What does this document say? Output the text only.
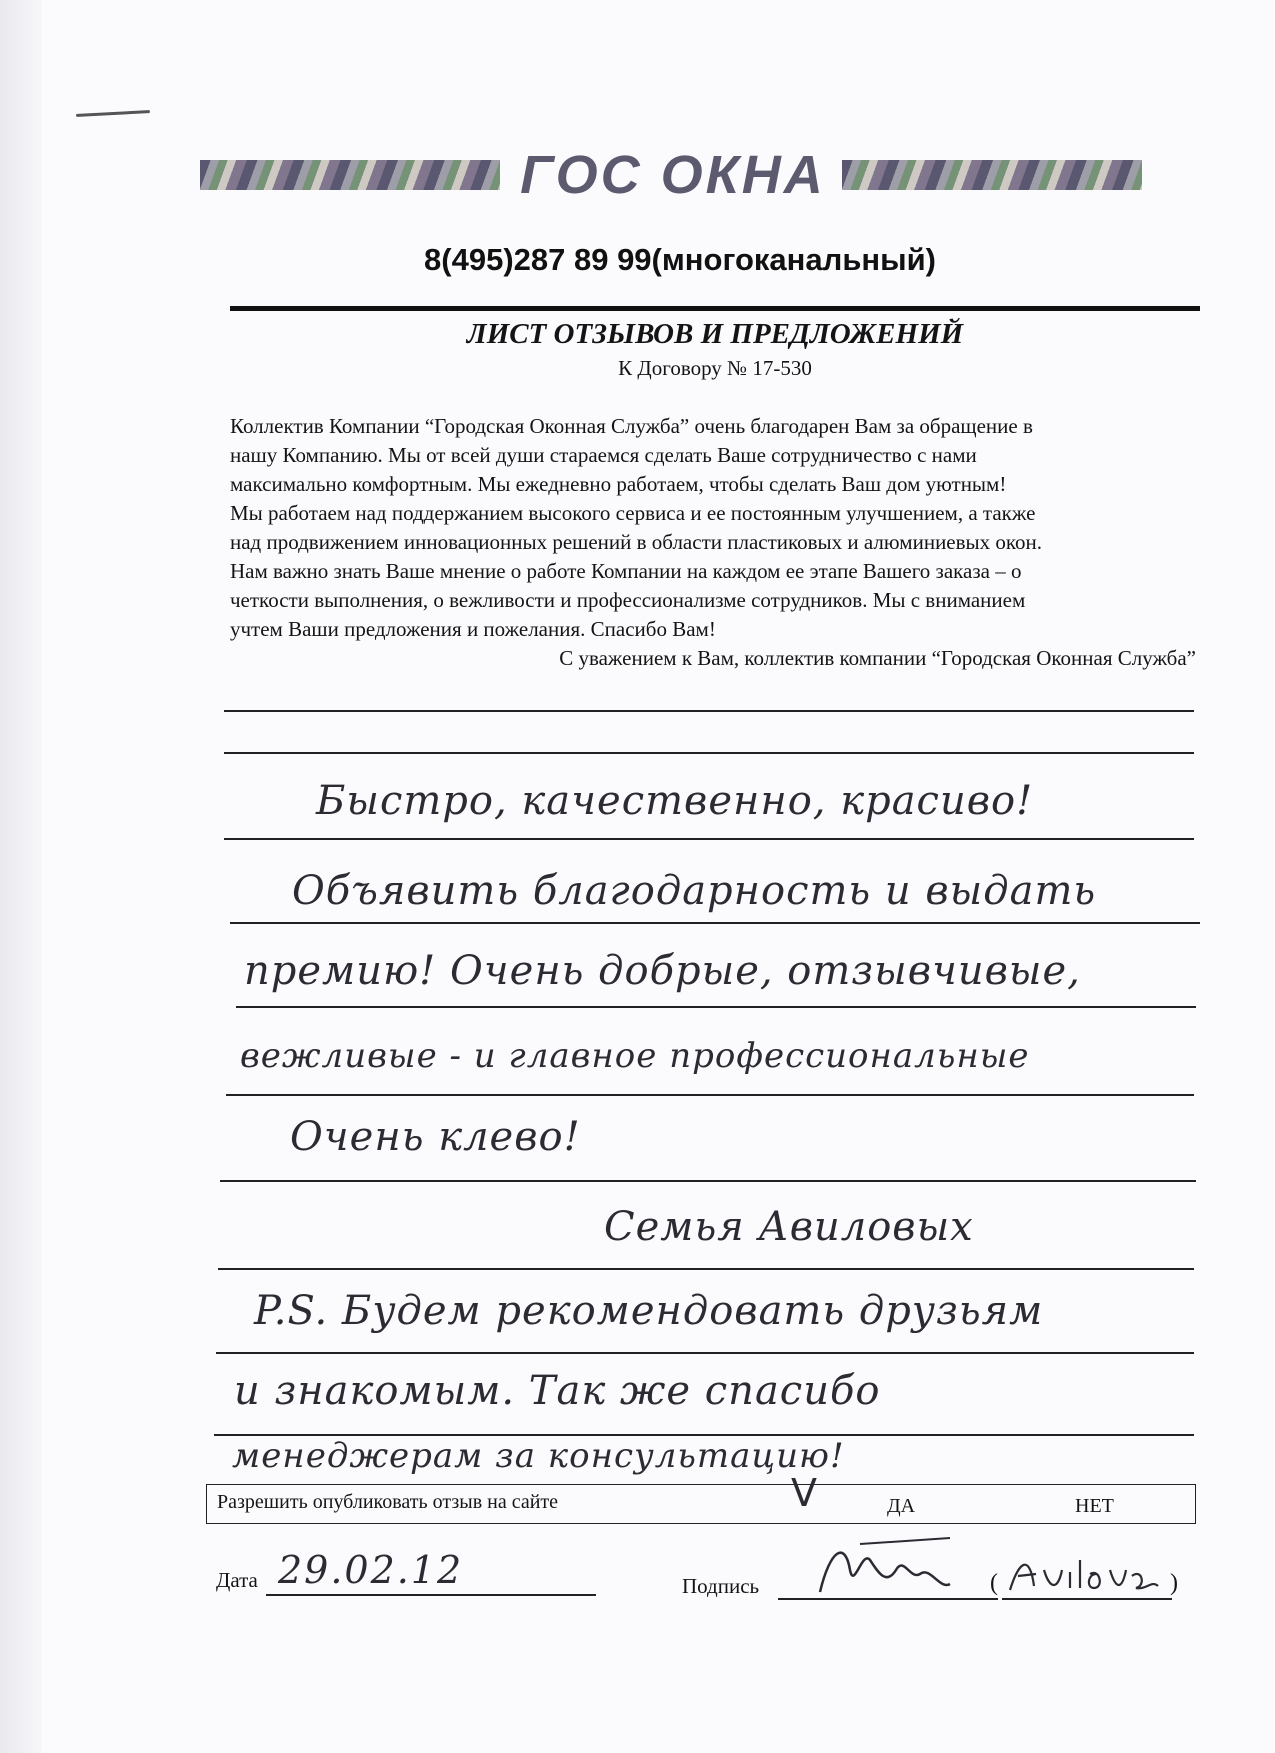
ГОС ОКНА
8(495)287 89 99(многоканальный)
ЛИСТ ОТЗЫВОВ И ПРЕДЛОЖЕНИЙ
К Договору № 17-530

Коллектив Компании “Городская Оконная Служба” очень благодарен Вам за обращение в

нашу Компанию. Мы от всей души стараемся сделать Ваше сотрудничество с нами

максимально комфортным. Мы ежедневно работаем, чтобы сделать Ваш дом уютным!

Мы работаем над поддержанием высокого сервиса и ее постоянным улучшением, а также

над продвижением инновационных решений в области пластиковых и алюминиевых окон.

Нам важно знать Ваше мнение о работе Компании на каждом ее этапе Вашего заказа – о

четкости выполнения, о вежливости и профессионализме сотрудников. Мы с вниманием

учтем Ваши предложения и пожелания. Спасибо Вам!

С уважением к Вам, коллектив компании “Городская Оконная Служба”
Быстро, качественно, красиво!
Объявить благодарность и выдать
премию! Очень добрые, отзывчивые,
вежливые - и главное профессиональные
Очень клево!
Семья Авиловых
P.S. Будем рекомендовать друзьям
и знакомым. Так же спасибо
менеджерам за консультацию!
Разрешить опубликовать отзыв на сайте	V	ДА	НЕТ
Дата 29.02.12	Подпись	(	)
